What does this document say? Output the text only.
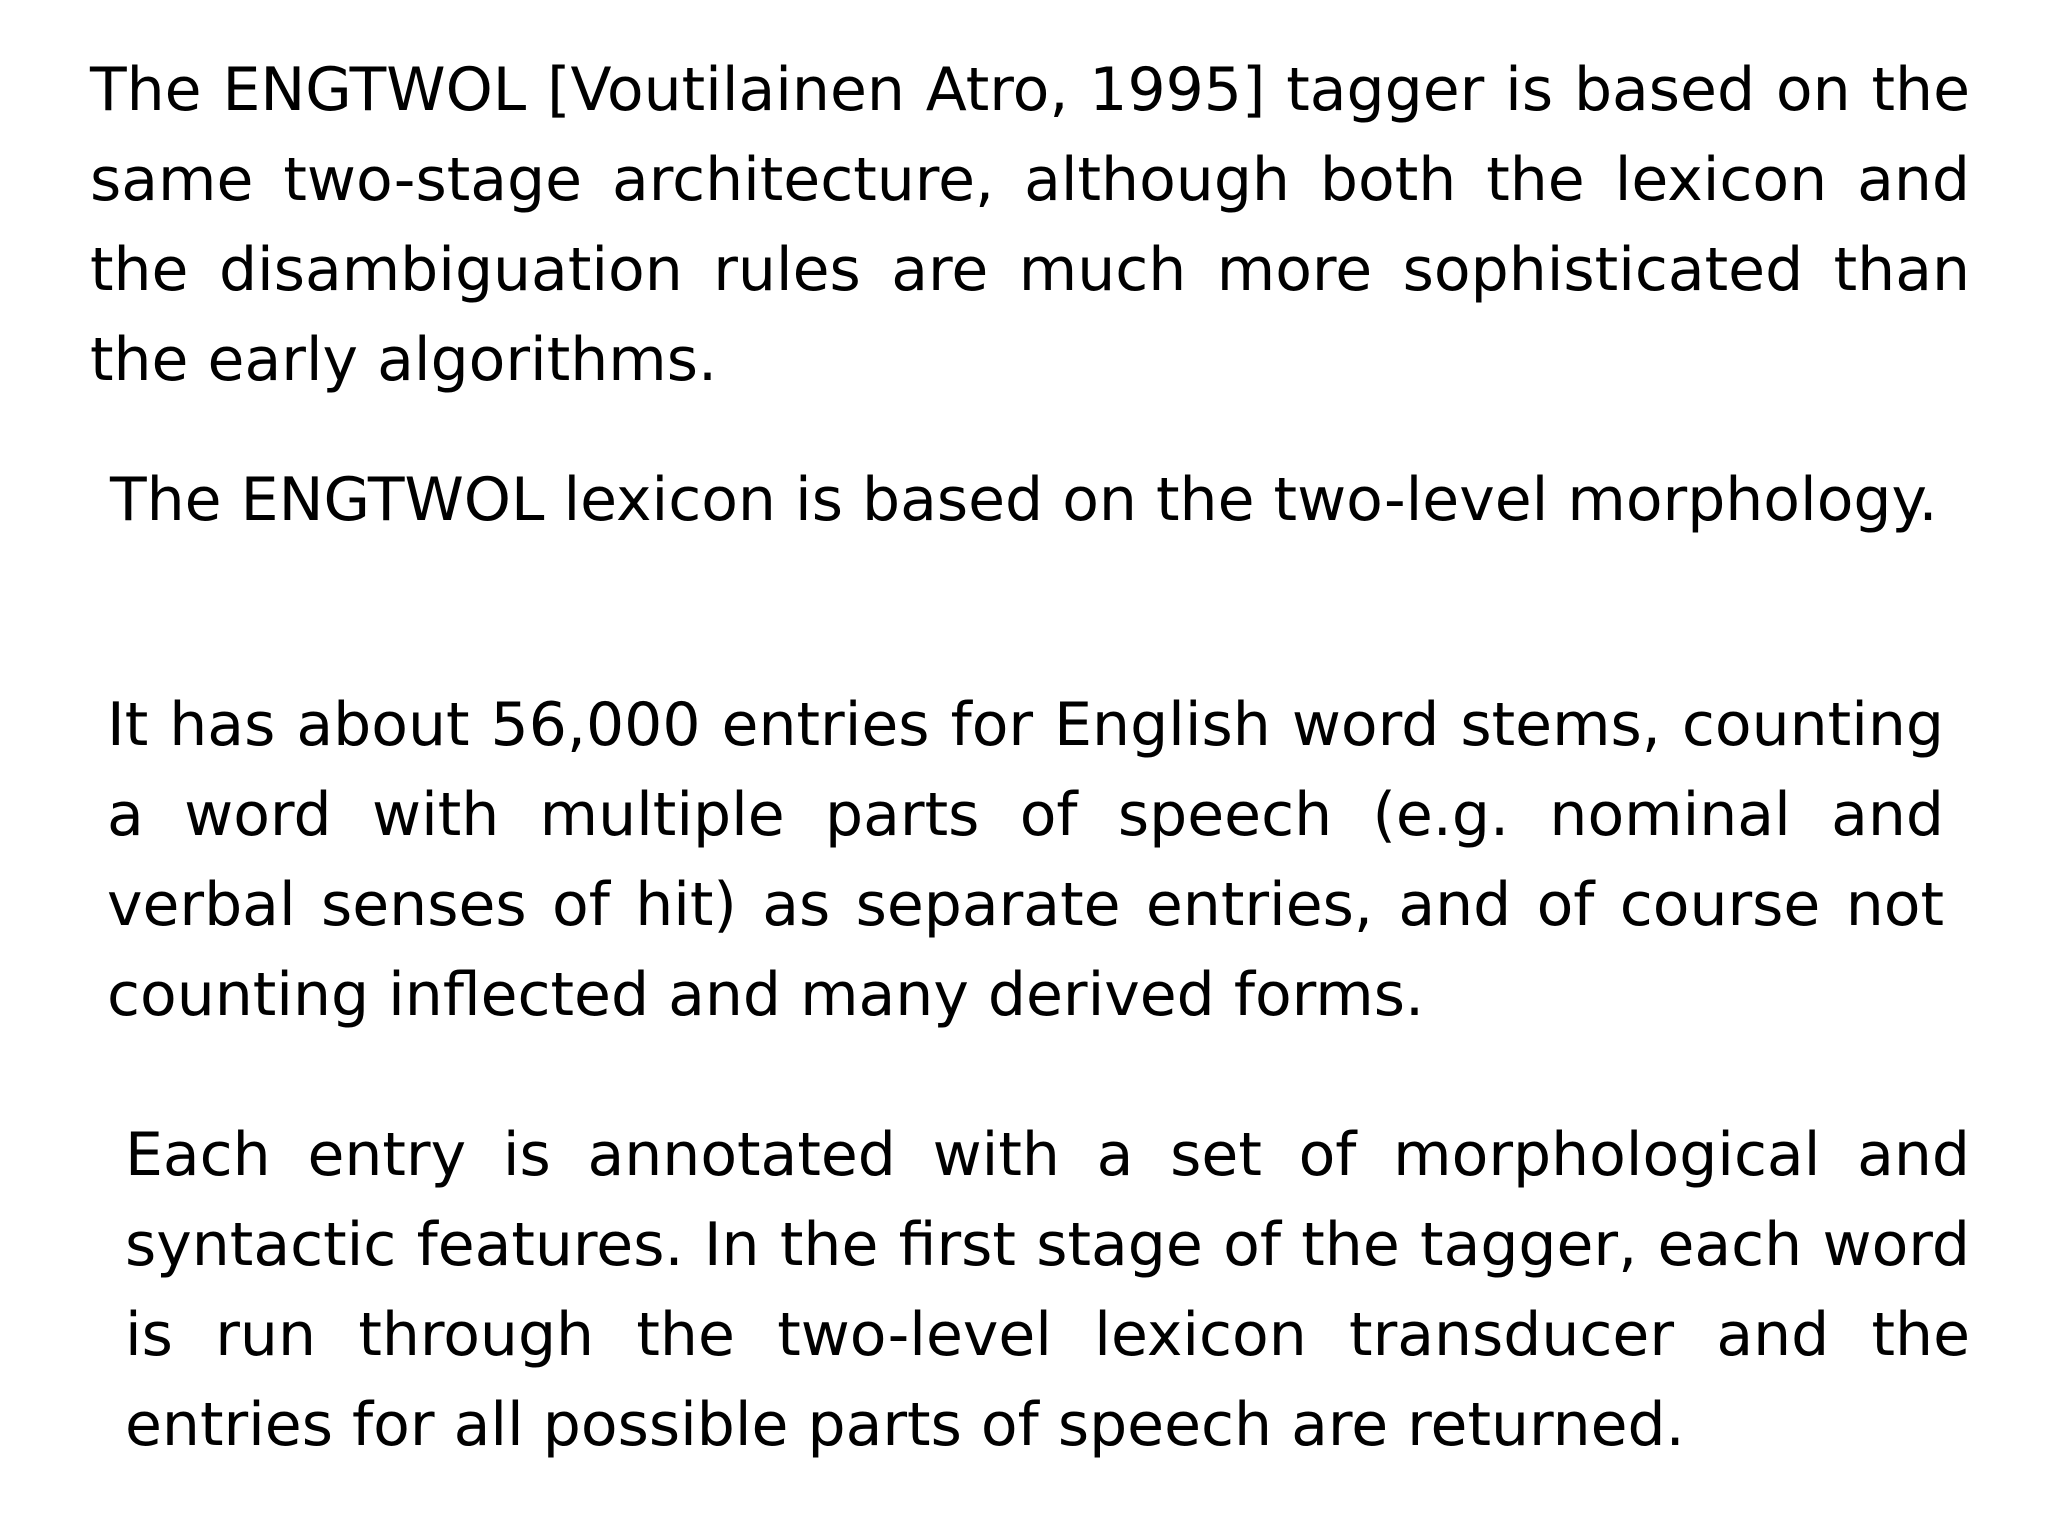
The ENGTWOL [Voutilainen Atro, 1995] tagger is based on the same two-stage architecture, although both the lexicon and the disambiguation rules are much more sophisticated than the early algorithms.

The ENGTWOL lexicon is based on the two-level morphology.

It has about 56,000 entries for English word stems, counting a word with multiple parts of speech (e.g. nominal and verbal senses of hit) as separate entries, and of course not counting inflected and many derived forms.

Each entry is annotated with a set of morphological and syntactic features. In the first stage of the tagger, each word is run through the two-level lexicon transducer and the entries for all possible parts of speech are returned.
